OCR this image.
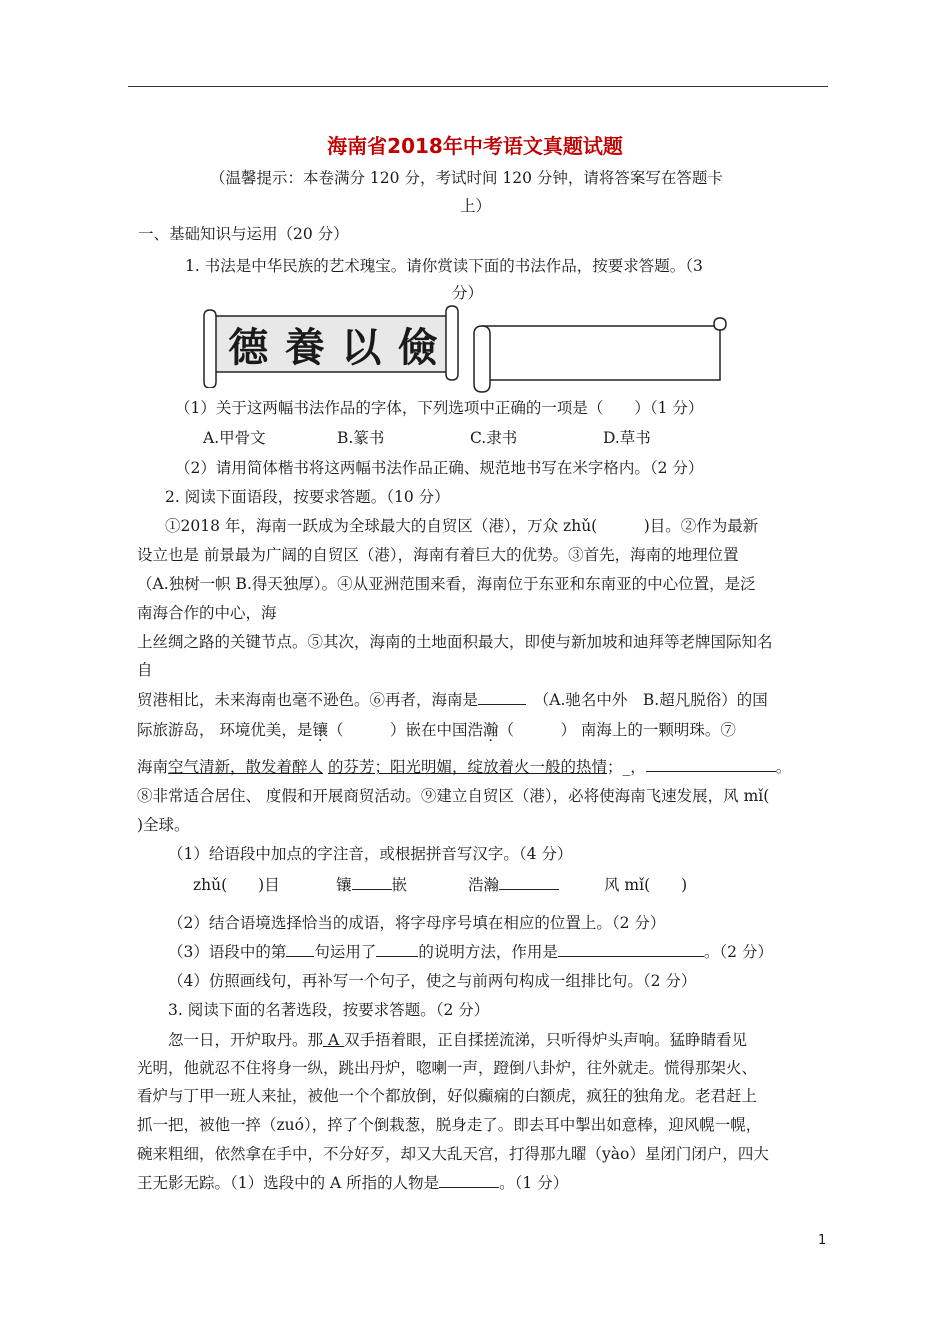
海南省2018年中考语文真题试题
（温馨提示：本卷满分 120 分，考试时间 120 分钟，请将答案写在答题卡
上）
一、基础知识与运用（20 分）
1. 书法是中华民族的艺术瑰宝。请你赏读下面的书法作品，按要求答题。（3
分）
德 養 以 儉
（1）关于这两幅书法作品的字体，下列选项中正确的一项是（　　）（1 分）
A.甲骨文	B.篆书	C.隶书	D.草书
（2）请用简体楷书将这两幅书法作品正确、规范地书写在米字格内。（2 分）
2. 阅读下面语段，按要求答题。（10 分）
①2018 年，海南一跃成为全球最大的自贸区（港），万众 zhǔ(　　　)目。②作为最新
设立也是 前景最为广阔的自贸区（港），海南有着巨大的优势。③首先，海南的地理位置
（A.独树一帜 B.得天独厚）。④从亚洲范围来看，海南位于东亚和东南亚的中心位置，是泛
南海合作的中心，海
上丝绸之路的关键节点。⑤其次，海南的土地面积最大，即使与新加坡和迪拜等老牌国际知名
自
贸港相比，未来海南也毫不逊色。⑥再者，海南是　	（A.驰名中外　B.超凡脱俗）的国
际旅游岛， 环境优美，是镶（　　　）嵌在中国浩瀚（　　　） 南海上的一颗明珠。⑦
海南空气清新，散发着醉人 的芬芳；阳光明媚，绽放着火一般的热情；_，	。
⑧非常适合居住、 度假和开展商贸活动。⑨建立自贸区（港），必将使海南飞速发展，风 mǐ(
)全球。
（1）给语段中加点的字注音，或根据拼音写汉字。（4 分）
zhǔ(　　)目	镶	嵌	浩瀚	风 mǐ(　　)
（2）结合语境选择恰当的成语，将字母序号填在相应的位置上。（2 分）
（3）语段中的第 句运用了	的说明方法，作用是	。（2 分）
（4）仿照画线句，再补写一个句子，使之与前两句构成一组排比句。（2 分）
3. 阅读下面的名著选段，按要求答题。（2 分）
忽一日，开炉取丹。那 A 双手捂着眼，正自揉搓流涕，只听得炉头声响。猛睁睛看见
光明，他就忍不住将身一纵，跳出丹炉，唿喇一声，蹬倒八卦炉，往外就走。慌得那架火、
看炉与丁甲一班人来扯，被他一个个都放倒，好似癫痫的白额虎，疯狂的独角龙。老君赶上
抓一把，被他一捽（zuó），捽了个倒栽葱，脱身走了。即去耳中掣出如意棒，迎风幌一幌，
碗来粗细，依然拿在手中，不分好歹，却又大乱天宫，打得那九曜（yào）星闭门闭户，四大
王无影无踪。（1）选段中的 A 所指的人物是	。（1 分）
1
